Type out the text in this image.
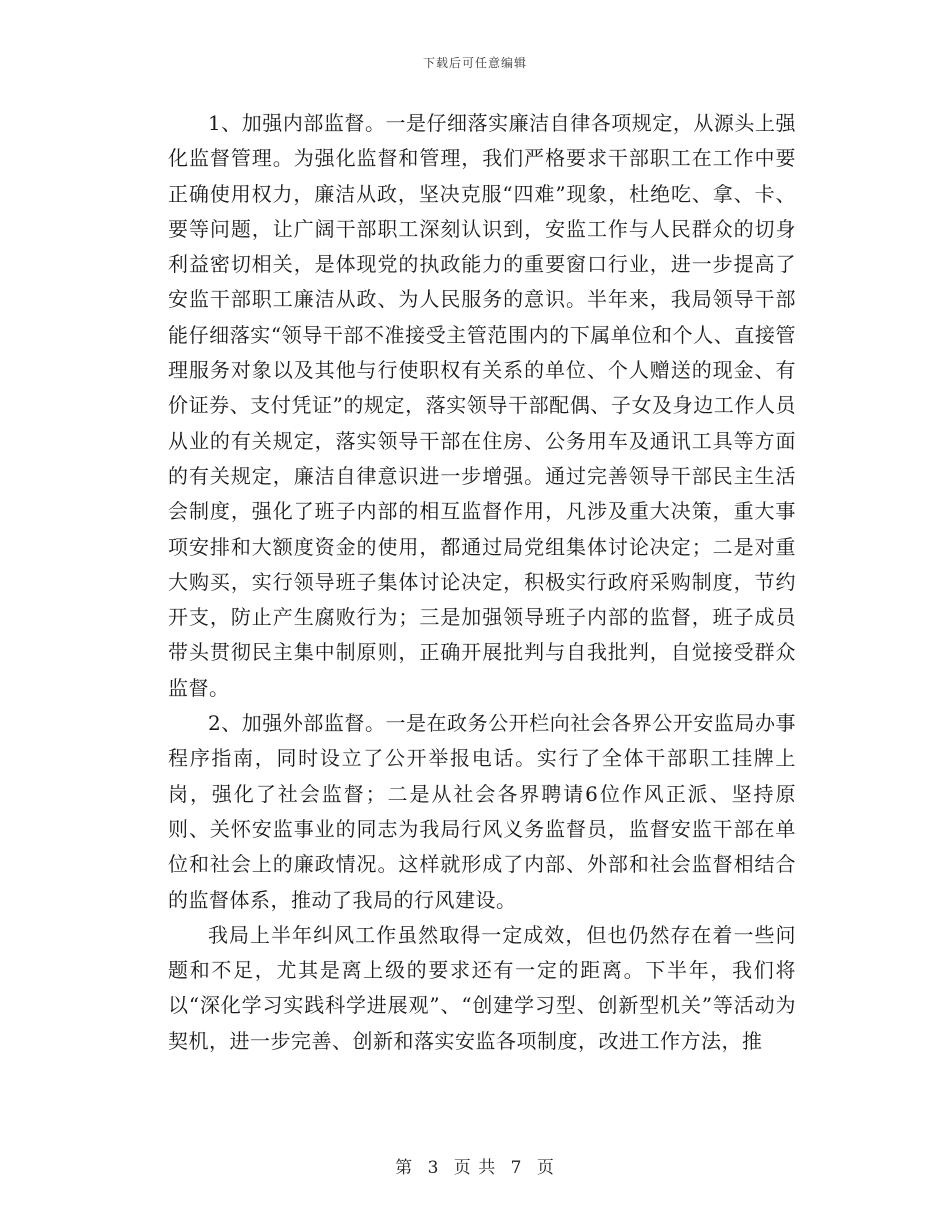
下载后可任意编辑

1、加强内部监督。一是仔细落实廉洁自律各项规定，从源头上强化监督管理。为强化监督和管理，我们严格要求干部职工在工作中要正确使用权力，廉洁从政，坚决克服“四难”现象，杜绝吃、拿、卡、要等问题，让广阔干部职工深刻认识到，安监工作与人民群众的切身利益密切相关，是体现党的执政能力的重要窗口行业，进一步提高了安监干部职工廉洁从政、为人民服务的意识。半年来，我局领导干部能仔细落实“领导干部不准接受主管范围内的下属单位和个人、直接管理服务对象以及其他与行使职权有关系的单位、个人赠送的现金、有价证券、支付凭证”的规定，落实领导干部配偶、子女及身边工作人员从业的有关规定，落实领导干部在住房、公务用车及通讯工具等方面的有关规定，廉洁自律意识进一步增强。通过完善领导干部民主生活会制度，强化了班子内部的相互监督作用，凡涉及重大决策，重大事项安排和大额度资金的使用，都通过局党组集体讨论决定；二是对重大购买，实行领导班子集体讨论决定，积极实行政府采购制度，节约开支，防止产生腐败行为；三是加强领导班子内部的监督，班子成员带头贯彻民主集中制原则，正确开展批判与自我批判，自觉接受群众监督。

2、加强外部监督。一是在政务公开栏向社会各界公开安监局办事程序指南，同时设立了公开举报电话。实行了全体干部职工挂牌上岗，强化了社会监督；二是从社会各界聘请6位作风正派、坚持原则、关怀安监事业的同志为我局行风义务监督员，监督安监干部在单位和社会上的廉政情况。这样就形成了内部、外部和社会监督相结合的监督体系，推动了我局的行风建设。

我局上半年纠风工作虽然取得一定成效，但也仍然存在着一些问题和不足，尤其是离上级的要求还有一定的距离。下半年，我们将以“深化学习实践科学进展观”、“创建学习型、创新型机关”等活动为契机，进一步完善、创新和落实安监各项制度，改进工作方法，推

第 3 页 共 7 页
